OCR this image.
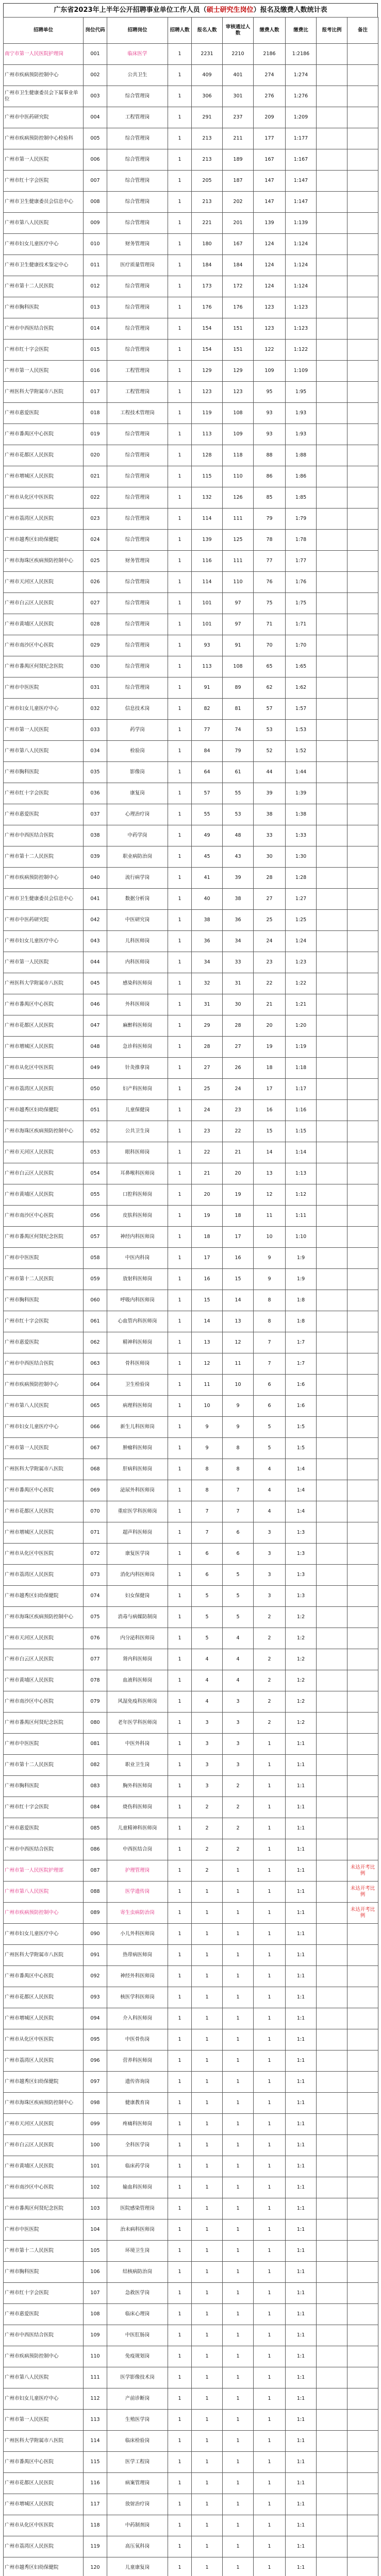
广东省2023年上半年公开招聘事业单位工作人员（硕士研究生岗位）报名及缴费人数统计表
招聘单位	岗位代码	招聘岗位	招聘人数	报名人数	审核通过人数	缴费人数	缴费比	报考比例	备注
南宁市第一人民医院护理岗	001	临床医学	1	2231	2210	2186	1:2186		
广州市疾病预防控制中心	002	公共卫生	1	409	401	274	1:274		
广州市卫生健康委员会下属事业单位	003	综合管理岗	1	306	301	276	1:276		
广州市中医药研究院	004	工程管理岗	1	291	237	209	1:209		
广州市疾病预防控制中心检验科	005	综合管理岗	1	213	211	177	1:177		
广州市第一人民医院	006	综合管理岗	1	213	189	167	1:167		
广州市红十字会医院	007	综合管理岗	1	205	187	147	1:147		
广州市卫生健康委员会信息中心	008	综合管理岗	1	213	202	147	1:147		
广州市第八人民医院	009	综合管理岗	1	221	201	139	1:139		
广州市妇女儿童医疗中心	010	财务管理岗	1	180	167	124	1:124		
广州市卫生健康技术鉴定中心	011	医疗质量管理岗	1	184	184	124	1:124		
广州市第十二人民医院	012	综合管理岗	1	173	172	124	1:124		
广州市胸科医院	013	综合管理岗	1	176	176	123	1:123		
广州市中西医结合医院	014	综合管理岗	1	154	151	123	1:123		
广州市红十字会医院	015	综合管理岗	1	154	151	122	1:122		
广州市第一人民医院	016	工程管理岗	1	129	129	109	1:109		
广州医科大学附属市八医院	017	工程管理岗	1	123	123	95	1:95		
广州市惠爱医院	018	工程技术管理岗	1	119	108	93	1:93		
广州市番禺区中心医院	019	综合管理岗	1	113	109	93	1:93		
广州市花都区人民医院	020	综合管理岗	1	128	118	88	1:88		
广州市增城区人民医院	021	综合管理岗	1	115	110	86	1:86		
广州市从化区中医医院	022	综合管理岗	1	132	126	85	1:85		
广州市荔湾区人民医院	023	综合管理岗	1	114	111	79	1:79		
广州市越秀区妇幼保健院	024	综合管理岗	1	139	125	78	1:78		
广州市海珠区疾病预防控制中心	025	财务管理岗	1	116	111	77	1:77		
广州市天河区人民医院	026	综合管理岗	1	114	110	76	1:76		
广州市白云区人民医院	027	综合管理岗	1	101	97	75	1:75		
广州市黄埔区人民医院	028	综合管理岗	1	101	97	71	1:71		
广州市南沙区中心医院	029	综合管理岗	1	93	91	70	1:70		
广州市番禺区何贤纪念医院	030	综合管理岗	1	113	108	65	1:65		
广州市中医医院	031	综合管理岗	1	91	89	62	1:62		
广州市妇女儿童医疗中心	032	信息技术岗	1	82	81	57	1:57		
广州市第一人民医院	033	药学岗	1	77	74	53	1:53		
广州市第八人民医院	034	检验岗	1	84	79	52	1:52		
广州市胸科医院	035	影像岗	1	64	61	44	1:44		
广州市红十字会医院	036	康复岗	1	57	55	39	1:39		
广州市惠爱医院	037	心理治疗岗	1	55	53	38	1:38		
广州市中西医结合医院	038	中药学岗	1	49	48	33	1:33		
广州市第十二人民医院	039	职业病防治岗	1	45	43	30	1:30		
广州市疾病预防控制中心	040	流行病学岗	1	41	39	28	1:28		
广州市卫生健康委员会信息中心	041	数据分析岗	1	40	38	27	1:27		
广州市中医药研究院	042	中医研究岗	1	38	36	25	1:25		
广州市妇女儿童医疗中心	043	儿科医师岗	1	36	34	24	1:24		
广州市第一人民医院	044	内科医师岗	1	34	33	23	1:23		
广州医科大学附属市八医院	045	感染科医师岗	1	32	31	22	1:22		
广州市番禺区中心医院	046	外科医师岗	1	31	30	21	1:21		
广州市花都区人民医院	047	麻醉科医师岗	1	29	28	20	1:20		
广州市增城区人民医院	048	急诊科医师岗	1	28	27	19	1:19		
广州市从化区中医医院	049	针灸推拿岗	1	27	26	18	1:18		
广州市荔湾区人民医院	050	妇产科医师岗	1	25	24	17	1:17		
广州市越秀区妇幼保健院	051	儿童保健岗	1	24	23	16	1:16		
广州市海珠区疾病预防控制中心	052	公共卫生岗	1	23	22	15	1:15		
广州市天河区人民医院	053	眼科医师岗	1	22	21	14	1:14		
广州市白云区人民医院	054	耳鼻喉科医师岗	1	21	20	13	1:13		
广州市黄埔区人民医院	055	口腔科医师岗	1	20	19	12	1:12		
广州市南沙区中心医院	056	皮肤科医师岗	1	19	18	11	1:11		
广州市番禺区何贤纪念医院	057	神经内科医师岗	1	18	17	10	1:10		
广州市中医医院	058	中医内科岗	1	17	16	9	1:9		
广州市第十二人民医院	059	放射科医师岗	1	16	15	9	1:9		
广州市胸科医院	060	呼吸内科医师岗	1	15	14	8	1:8		
广州市红十字会医院	061	心血管内科医师岗	1	14	13	8	1:8		
广州市惠爱医院	062	精神科医师岗	1	13	12	7	1:7		
广州市中西医结合医院	063	骨科医师岗	1	12	11	7	1:7		
广州市疾病预防控制中心	064	卫生检验岗	1	11	10	6	1:6		
广州市第八人民医院	065	病理科医师岗	1	10	9	6	1:6		
广州市妇女儿童医疗中心	066	新生儿科医师岗	1	9	9	5	1:5		
广州市第一人民医院	067	肿瘤科医师岗	1	9	8	5	1:5		
广州医科大学附属市八医院	068	肝病科医师岗	1	8	8	4	1:4		
广州市番禺区中心医院	069	泌尿外科医师岗	1	8	7	4	1:4		
广州市花都区人民医院	070	重症医学科医师岗	1	7	7	4	1:4		
广州市增城区人民医院	071	超声科医师岗	1	7	6	3	1:3		
广州市从化区中医医院	072	康复医学岗	1	6	6	3	1:3		
广州市荔湾区人民医院	073	消化内科医师岗	1	6	5	3	1:3		
广州市越秀区妇幼保健院	074	妇女保健岗	1	5	5	3	1:3		
广州市海珠区疾病预防控制中心	075	消毒与病媒防制岗	1	5	5	2	1:2		
广州市天河区人民医院	076	内分泌科医师岗	1	5	4	2	1:2		
广州市白云区人民医院	077	肾内科医师岗	1	4	4	2	1:2		
广州市黄埔区人民医院	078	血液科医师岗	1	4	4	2	1:2		
广州市南沙区中心医院	079	风湿免疫科医师岗	1	4	3	2	1:2		
广州市番禺区何贤纪念医院	080	老年医学科医师岗	1	3	3	2	1:2		
广州市中医医院	081	中医外科岗	1	3	3	1	1:1		
广州市第十二人民医院	082	职业卫生岗	1	3	3	1	1:1		
广州市胸科医院	083	胸外科医师岗	1	3	2	1	1:1		
广州市红十字会医院	084	烧伤科医师岗	1	2	2	1	1:1		
广州市惠爱医院	085	儿童精神科医师岗	1	2	2	1	1:1		
广州市中西医结合医院	086	中西医结合岗	1	2	2	1	1:1		
广州市第一人民医院护理部	087	护理管理岗	1	2	1	1	1:1		未达开考比例
广州市第八人民医院	088	医学遗传岗	1	1	1	1	1:1		未达开考比例
广州市疾病预防控制中心	089	寄生虫病防治岗	1	1	1	1	1:1		未达开考比例
广州市妇女儿童医疗中心	090	小儿外科医师岗	1	1	1	1	1:1		
广州医科大学附属市八医院	091	热带病医师岗	1	1	1	1	1:1		
广州市番禺区中心医院	092	神经外科医师岗	1	1	1	1	1:1		
广州市花都区人民医院	093	核医学科医师岗	1	1	1	1	1:1		
广州市增城区人民医院	094	介入科医师岗	1	1	1	1	1:1		
广州市从化区中医医院	095	中医骨伤岗	1	1	1	1	1:1		
广州市荔湾区人民医院	096	营养科医师岗	1	1	1	1	1:1		
广州市越秀区妇幼保健院	097	遗传咨询岗	1	1	1	1	1:1		
广州市海珠区疾病预防控制中心	098	健康教育岗	1	1	1	1	1:1		
广州市天河区人民医院	099	疼痛科医师岗	1	1	1	1	1:1		
广州市白云区人民医院	100	全科医学岗	1	1	1	1	1:1		
广州市黄埔区人民医院	101	临床药学岗	1	1	1	1	1:1		
广州市南沙区中心医院	102	输血科医师岗	1	1	1	1	1:1		
广州市番禺区何贤纪念医院	103	医院感染管理岗	1	1	1	1	1:1		
广州市中医医院	104	治未病科医师岗	1	1	1	1	1:1		
广州市第十二人民医院	105	环境卫生岗	1	1	1	1	1:1		
广州市胸科医院	106	结核病防治岗	1	1	1	1	1:1		
广州市红十字会医院	107	急救医学岗	1	1	1	1	1:1		
广州市惠爱医院	108	临床心理岗	1	1	1	1	1:1		
广州市中西医结合医院	109	中医肛肠岗	1	1	1	1	1:1		
广州市疾病预防控制中心	110	免疫规划岗	1	1	1	1	1:1		
广州市第八人民医院	111	医学影像技术岗	1	1	1	1	1:1		
广州市妇女儿童医疗中心	112	产前诊断岗	1	1	1	1	1:1		
广州市第一人民医院	113	生殖医学岗	1	1	1	1	1:1		
广州医科大学附属市八医院	114	临床检验岗	1	1	1	1	1:1		
广州市番禺区中心医院	115	医学工程岗	1	1	1	1	1:1		
广州市花都区人民医院	116	病案管理岗	1	1	1	1	1:1		
广州市增城区人民医院	117	放射治疗岗	1	1	1	1	1:1		
广州市从化区中医医院	118	中药制剂岗	1	1	1	1	1:1		
广州市荔湾区人民医院	119	高压氧科岗	1	1	1	1	1:1		
广州市越秀区妇幼保健院	120	儿童康复岗	1	1	1	1	1:1		
